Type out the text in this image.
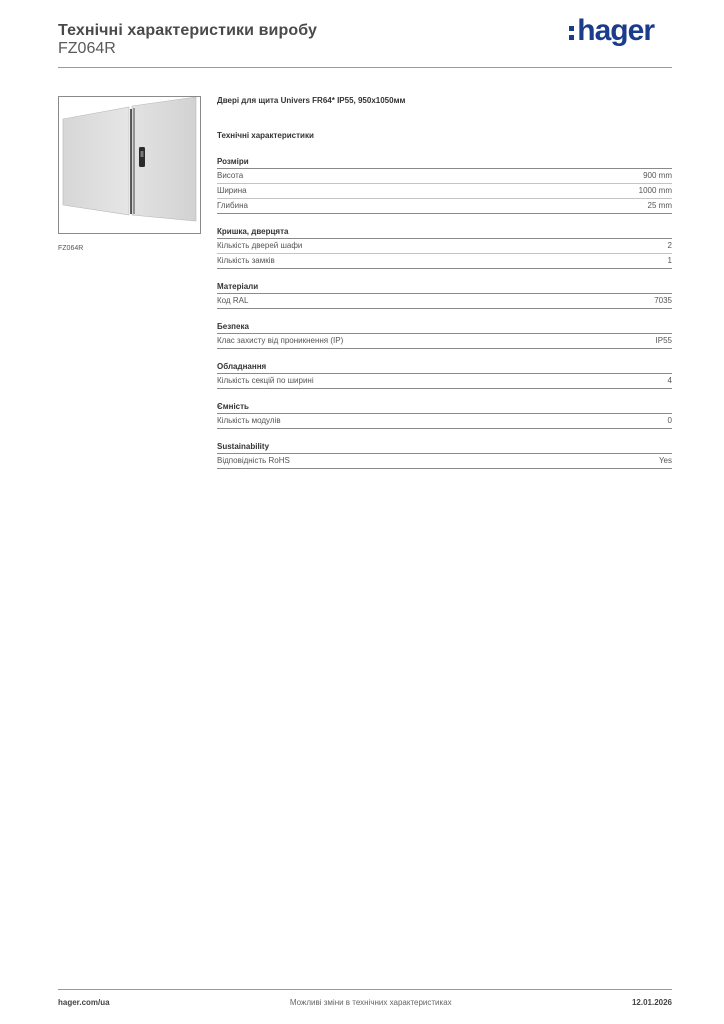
Технічні характеристики виробу
FZ064R
hager
FZ064R
Двері для щита Univers FR64* IP55, 950x1050мм
Технічні характеристики
Розміри
Висота	900 mm
Ширина	1000 mm
Глибина	25 mm
Кришка, дверцята
Кількість дверей шафи	2
Кількість замків	1
Матеріали
Код RAL	7035
Безпека
Клас захисту від проникнення (IP)	IP55
Обладнання
Кількість секцій по ширині	4
Ємність
Кількість модулів	0
Sustainability
Відповідність RoHS	Yes
hager.com/ua	Можливі зміни в технічних характеристиках	12.01.2026
